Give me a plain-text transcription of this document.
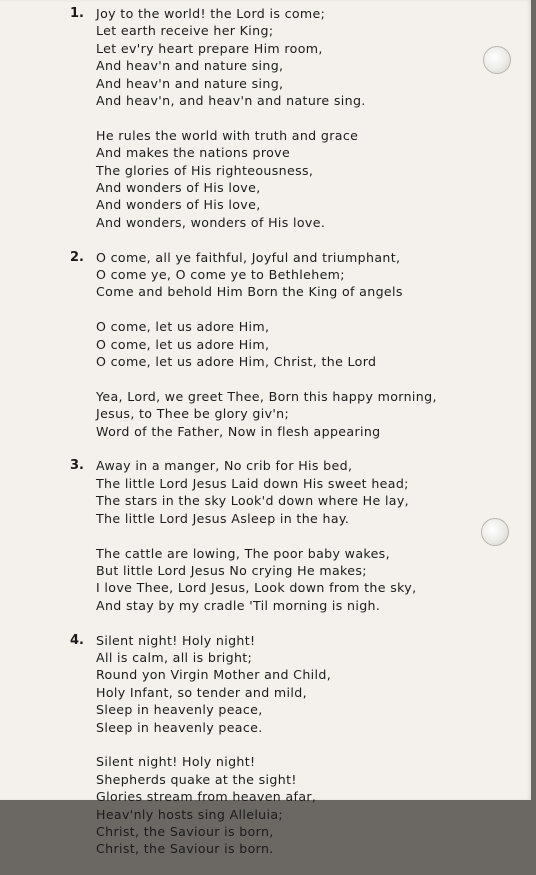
1. Joy to the world! the Lord is come;
Let earth receive her King;
Let ev'ry heart prepare Him room,
And heav'n and nature sing,
And heav'n and nature sing,
And heav'n, and heav'n and nature sing.
He rules the world with truth and grace
And makes the nations prove
The glories of His righteousness,
And wonders of His love,
And wonders of His love,
And wonders, wonders of His love.
2. O come, all ye faithful, Joyful and triumphant,
O come ye, O come ye to Bethlehem;
Come and behold Him Born the King of angels
O come, let us adore Him,
O come, let us adore Him,
O come, let us adore Him, Christ, the Lord
Yea, Lord, we greet Thee, Born this happy morning,
Jesus, to Thee be glory giv'n;
Word of the Father, Now in flesh appearing
3. Away in a manger, No crib for His bed,
The little Lord Jesus Laid down His sweet head;
The stars in the sky Look'd down where He lay,
The little Lord Jesus Asleep in the hay.
The cattle are lowing, The poor baby wakes,
But little Lord Jesus No crying He makes;
I love Thee, Lord Jesus, Look down from the sky,
And stay by my cradle 'Til morning is nigh.
4. Silent night! Holy night!
All is calm, all is bright;
Round yon Virgin Mother and Child,
Holy Infant, so tender and mild,
Sleep in heavenly peace,
Sleep in heavenly peace.
Silent night! Holy night!
Shepherds quake at the sight!
Glories stream from heaven afar,
Heav'nly hosts sing Alleluia;
Christ, the Saviour is born,
Christ, the Saviour is born.
